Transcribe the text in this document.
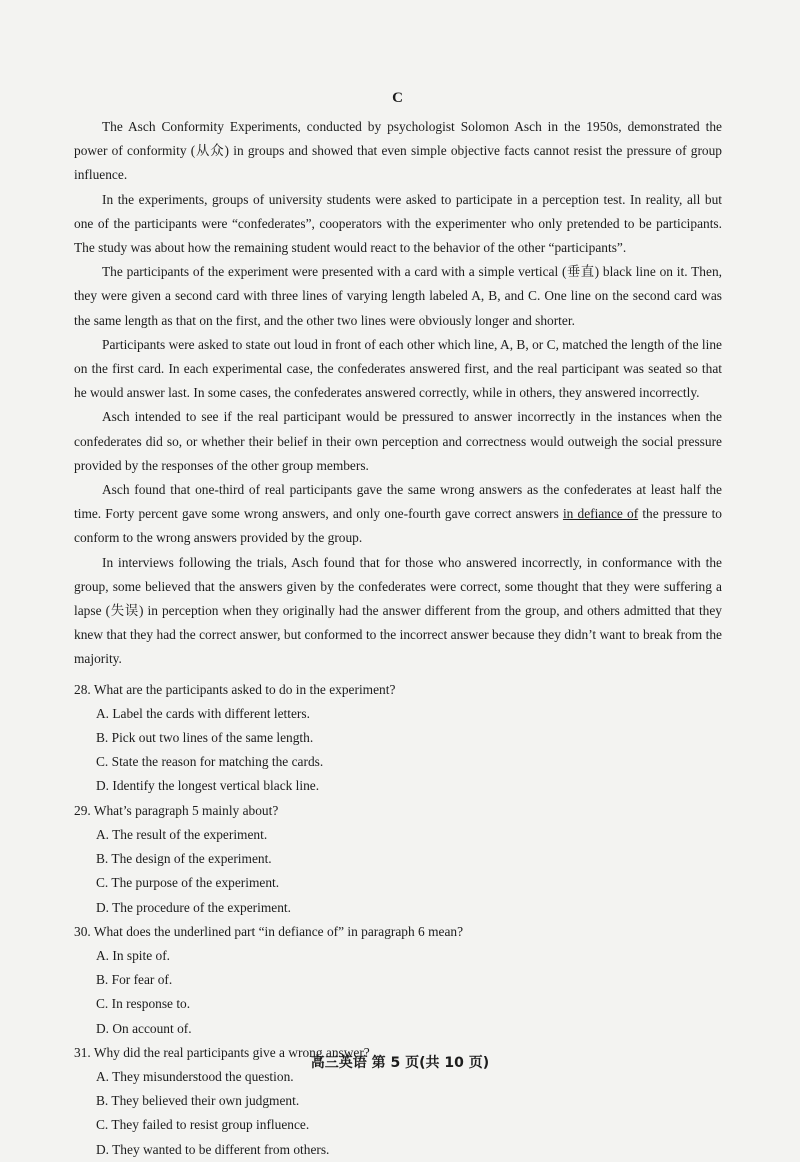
C

The Asch Conformity Experiments, conducted by psychologist Solomon Asch in the 1950s, demonstrated the power of conformity (从众) in groups and showed that even simple objective facts cannot resist the pressure of group influence.

In the experiments, groups of university students were asked to participate in a perception test. In reality, all but one of the participants were “confederates”, cooperators with the experimenter who only pretended to be participants. The study was about how the remaining student would react to the behavior of the other “participants”.

The participants of the experiment were presented with a card with a simple vertical (垂直) black line on it. Then, they were given a second card with three lines of varying length labeled A, B, and C. One line on the second card was the same length as that on the first, and the other two lines were obviously longer and shorter.

Participants were asked to state out loud in front of each other which line, A, B, or C, matched the length of the line on the first card. In each experimental case, the confederates answered first, and the real participant was seated so that he would answer last. In some cases, the confederates answered correctly, while in others, they answered incorrectly.

Asch intended to see if the real participant would be pressured to answer incorrectly in the instances when the confederates did so, or whether their belief in their own perception and correctness would outweigh the social pressure provided by the responses of the other group members.

Asch found that one-third of real participants gave the same wrong answers as the confederates at least half the time. Forty percent gave some wrong answers, and only one-fourth gave correct answers in defiance of the pressure to conform to the wrong answers provided by the group.

In interviews following the trials, Asch found that for those who answered incorrectly, in conformance with the group, some believed that the answers given by the confederates were correct, some thought that they were suffering a lapse (失误) in perception when they originally had the answer different from the group, and others admitted that they knew that they had the correct answer, but conformed to the incorrect answer because they didn’t want to break from the majority.

28. What are the participants asked to do in the experiment?

A. Label the cards with different letters.
B. Pick out two lines of the same length.
C. State the reason for matching the cards.
D. Identify the longest vertical black line.

29. What’s paragraph 5 mainly about?

A. The result of the experiment.
B. The design of the experiment.
C. The purpose of the experiment.
D. The procedure of the experiment.

30. What does the underlined part “in defiance of” in paragraph 6 mean?

A. In spite of.
B. For fear of.
C. In response to.
D. On account of.

31. Why did the real participants give a wrong answer?

A. They misunderstood the question.
B. They believed their own judgment.
C. They failed to resist group influence.
D. They wanted to be different from others.
高三英语 第 5 页(共 10 页)
